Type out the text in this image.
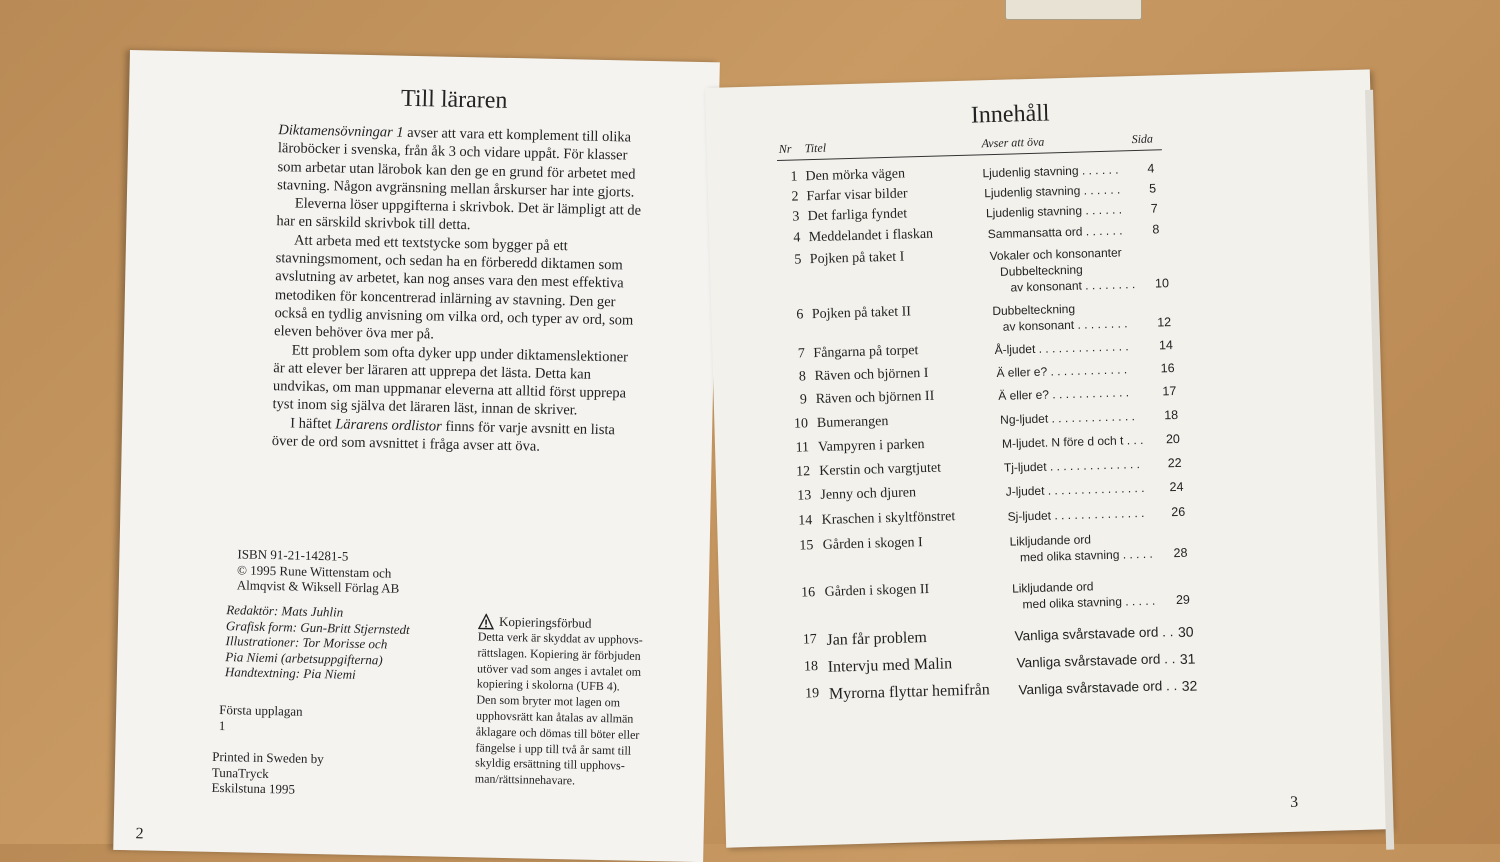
Till läraren

Diktamensövningar 1 avser att vara ett komplement till olika läroböcker i svenska, från åk 3 och vidare uppåt. För klasser som arbetar utan lärobok kan den ge en grund för arbetet med stavning. Någon avgränsning mellan årskurser har inte gjorts.

Eleverna löser uppgifterna i skrivbok. Det är lämpligt att de har en särskild skrivbok till detta.

Att arbeta med ett textstycke som bygger på ett stavningsmoment, och sedan ha en förberedd diktamen som avslutning av arbetet, kan nog anses vara den mest effektiva metodiken för koncentrerad inlärning av stavning. Den ger också en tydlig anvisning om vilka ord, och typer av ord, som eleven behöver öva mer på.

Ett problem som ofta dyker upp under diktamenslektioner är att elever ber läraren att upprepa det lästa. Detta kan undvikas, om man uppmanar eleverna att alltid först upprepa tyst inom sig själva det läraren läst, innan de skriver.

I häftet Lärarens ordlistor finns för varje avsnitt en lista över de ord som avsnittet i fråga avser att öva.

ISBN 91-21-14281-5
© 1995 Rune Wittenstam och
Almqvist & Wiksell Förlag AB
Redaktör: Mats Juhlin
Grafisk form: Gun-Britt Stjernstedt
Illustrationer: Tor Morisse och
Pia Niemi (arbetsuppgifterna)
Handtextning: Pia Niemi
Första upplagan
1
Printed in Sweden by
TunaTryck
Eskilstuna 1995
Kopieringsförbud
Detta verk är skyddat av upphovs-
rättslagen. Kopiering är förbjuden
utöver vad som anges i avtalet om
kopiering i skolorna (UFB 4).
Den som bryter mot lagen om
upphovsrätt kan åtalas av allmän
åklagare och dömas till böter eller
fängelse i upp till två år samt till
skyldig ersättning till upphovs-
man/rättsinnehavare.
2
Innehåll
Nr Titel	Avser att öva	Sida
1 Den mörka vägen	Ljudenlig stavning . . . . . . 4
2 Farfar visar bilder	Ljudenlig stavning . . . . . . 5
3 Det farliga fyndet	Ljudenlig stavning . . . . . . 7
4 Meddelandet i flaskan	Sammansatta ord . . . . . . 8
5 Pojken på taket I	Vokaler och konsonanter
Dubbelteckning
av konsonant . . . . . . . . 10
6 Pojken på taket II	Dubbelteckning
av konsonant . . . . . . . . 12
7 Fångarna på torpet	Å-ljudet . . . . . . . . . . . . . . 14
8 Räven och björnen I	Ä eller e? . . . . . . . . . . . .	16
9 Räven och björnen II	Ä eller e? . . . . . . . . . . . .	17
10 Bumerangen	Ng-ljudet . . . . . . . . . . . . . 18
11 Vampyren i parken	M-ljudet. N före d och t . . . 20
12 Kerstin och vargtjutet	Tj-ljudet . . . . . . . . . . . . . . 22
13 Jenny och djuren	J-ljudet . . . . . . . . . . . . . . . 24
14 Kraschen i skyltfönstret	Sj-ljudet . . . . . . . . . . . . . . 26
15 Gården i skogen I	Likljudande ord
med olika stavning . . . . . 28
16 Gården i skogen II	Likljudande ord
med olika stavning . . . . . 29
17 Jan får problem	Vanliga svårstavade ord . . 30
18 Intervju med Malin	Vanliga svårstavade ord . . 31
19 Myrorna flyttar hemifrån Vanliga svårstavade ord . . 32
3
